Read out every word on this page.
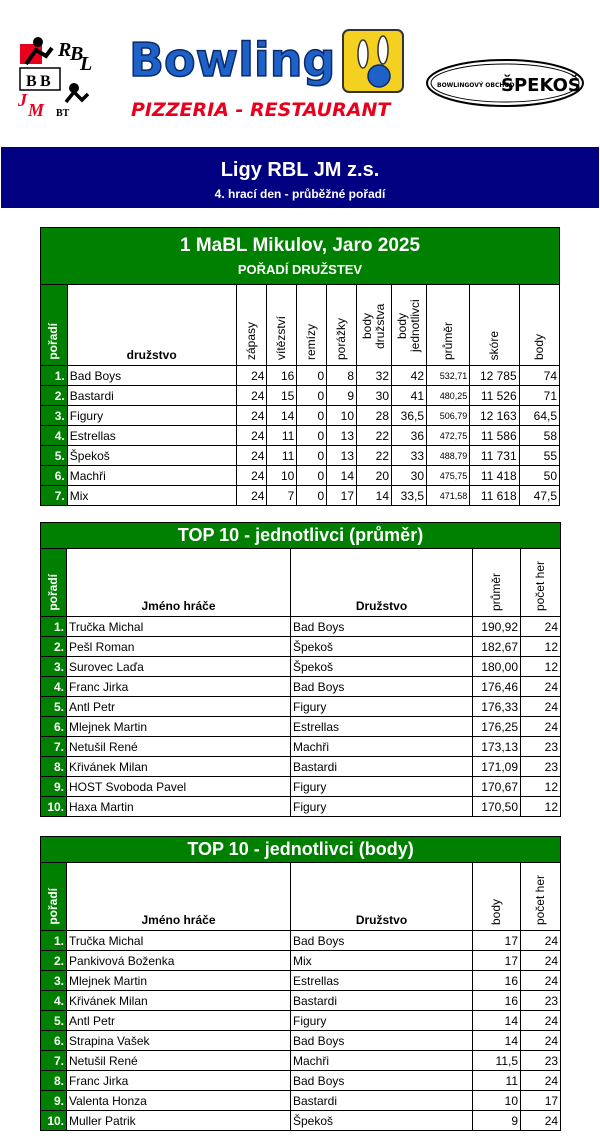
R
B
L
B B
J M BT
Bowling
PIZZERIA - RESTAURANT
BOWLINGOVÝ OBCHOD
ŠPEKOŠ
Ligy RBL JM z.s.
4. hrací den - průběžné pořadí
1 MaBL Mikulov, Jaro 2025										
POŘADÍ DRUŽSTEV										
pořadí	družstvo	zápasy	vítězství	remízy	porážky	body družstva	body jednotlivci	průměr	skóre	body
1.	Bad Boys	24	16	0	8	32	42	532,71	12 785	74
2.	Bastardi	24	15	0	9	30	41	480,25	11 526	71
3.	Figury	24	14	0	10	28	36,5	506,79	12 163	64,5
4.	Estrellas	24	11	0	13	22	36	472,75	11 586	58
5.	Špekoš	24	11	0	13	22	33	488,79	11 731	55
6.	Machři	24	10	0	14	20	30	475,75	11 418	50
7.	Mix	24	7	0	17	14	33,5	471,58	11 618	47,5
TOP 10 - jednotlivci (průměr)				
pořadí	Jméno hráče	Družstvo	průměr	počet her
1.	Tručka Michal	Bad Boys	190,92	24
2.	Pešl Roman	Špekoš	182,67	12
3.	Surovec Laďa	Špekoš	180,00	12
4.	Franc Jirka	Bad Boys	176,46	24
5.	Antl Petr	Figury	176,33	24
6.	Mlejnek Martin	Estrellas	176,25	24
7.	Netušil René	Machři	173,13	23
8.	Křivánek Milan	Bastardi	171,09	23
9.	HOST Svoboda Pavel	Figury	170,67	12
10.	Haxa Martin	Figury	170,50	12
TOP 10 - jednotlivci (body)				
pořadí	Jméno hráče	Družstvo	body	počet her
1.	Tručka Michal	Bad Boys	17	24
2.	Pankivová Boženka	Mix	17	24
3.	Mlejnek Martin	Estrellas	16	24
4.	Křivánek Milan	Bastardi	16	23
5.	Antl Petr	Figury	14	24
6.	Strapina Vašek	Bad Boys	14	24
7.	Netušil René	Machři	11,5	23
8.	Franc Jirka	Bad Boys	11	24
9.	Valenta Honza	Bastardi	10	17
10.	Muller Patrik	Špekoš	9	24
